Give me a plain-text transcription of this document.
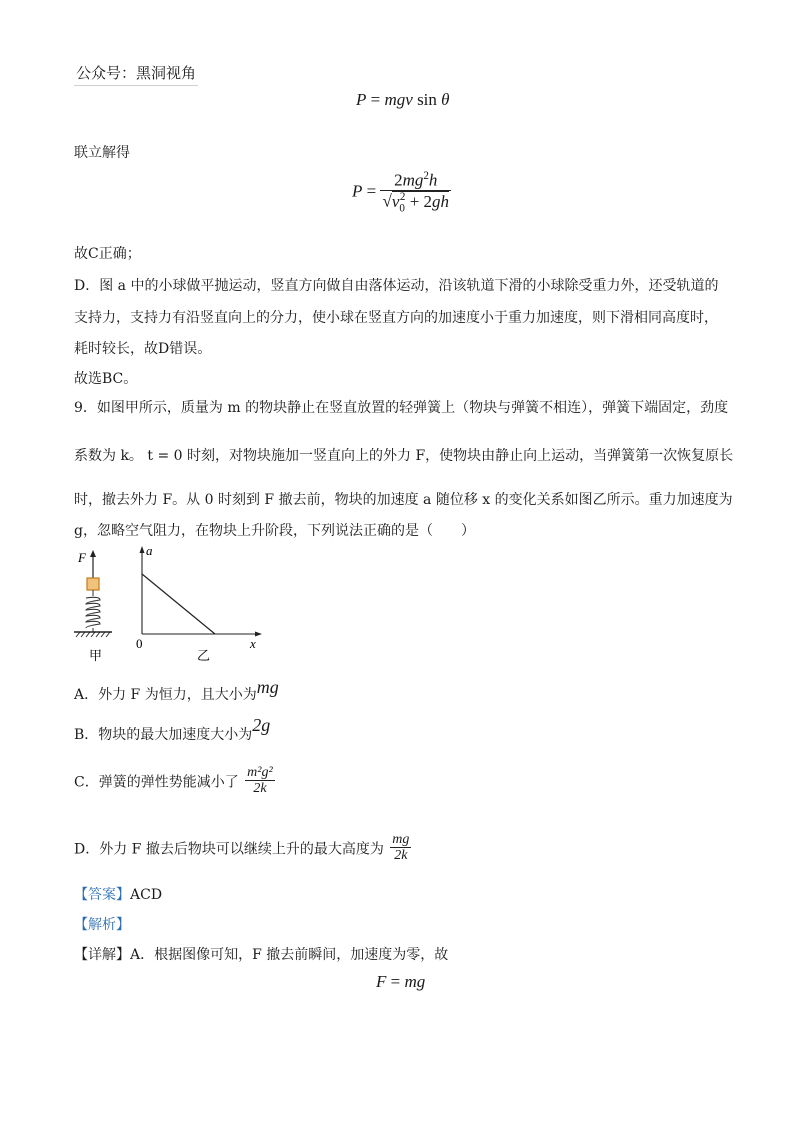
公众号：黑洞视角
P = mgv sin θ
联立解得
$P = \frac{2mg^2h}{√v_0^2 + 2gh}$
故C正确；
D．图 a 中的小球做平抛运动，竖直方向做自由落体运动，沿该轨道下滑的小球除受重力外，还受轨道的
支持力，支持力有沿竖直向上的分力，使小球在竖直方向的加速度小于重力加速度，则下滑相同高度时，
耗时较长，故D错误。
故选BC。
9．如图甲所示，质量为 m 的物块静止在竖直放置的轻弹簧上（物块与弹簧不相连），弹簧下端固定，劲度
系数为 k。 t = 0 时刻，对物块施加一竖直向上的外力 F，使物块由静止向上运动，当弹簧第一次恢复原长
时，撤去外力 F。从 0 时刻到 F 撤去前，物块的加速度 a 随位移 x 的变化关系如图乙所示。重力加速度为
g，忽略空气阻力，在物块上升阶段，下列说法正确的是（　　）
F
甲
a
x
0
乙
A．外力 F 为恒力，且大小为mg
B．物块的最大加速度大小为2g
C．弹簧的弹性势能减小了 $\frac{\text{m²g²}}{2k}$
D．外力 F 撤去后物块可以继续上升的最大高度为 $\frac{mg}{2k}$
【答案】ACD
【解析】
【详解】A．根据图像可知，F 撤去前瞬间，加速度为零，故
F = mg
